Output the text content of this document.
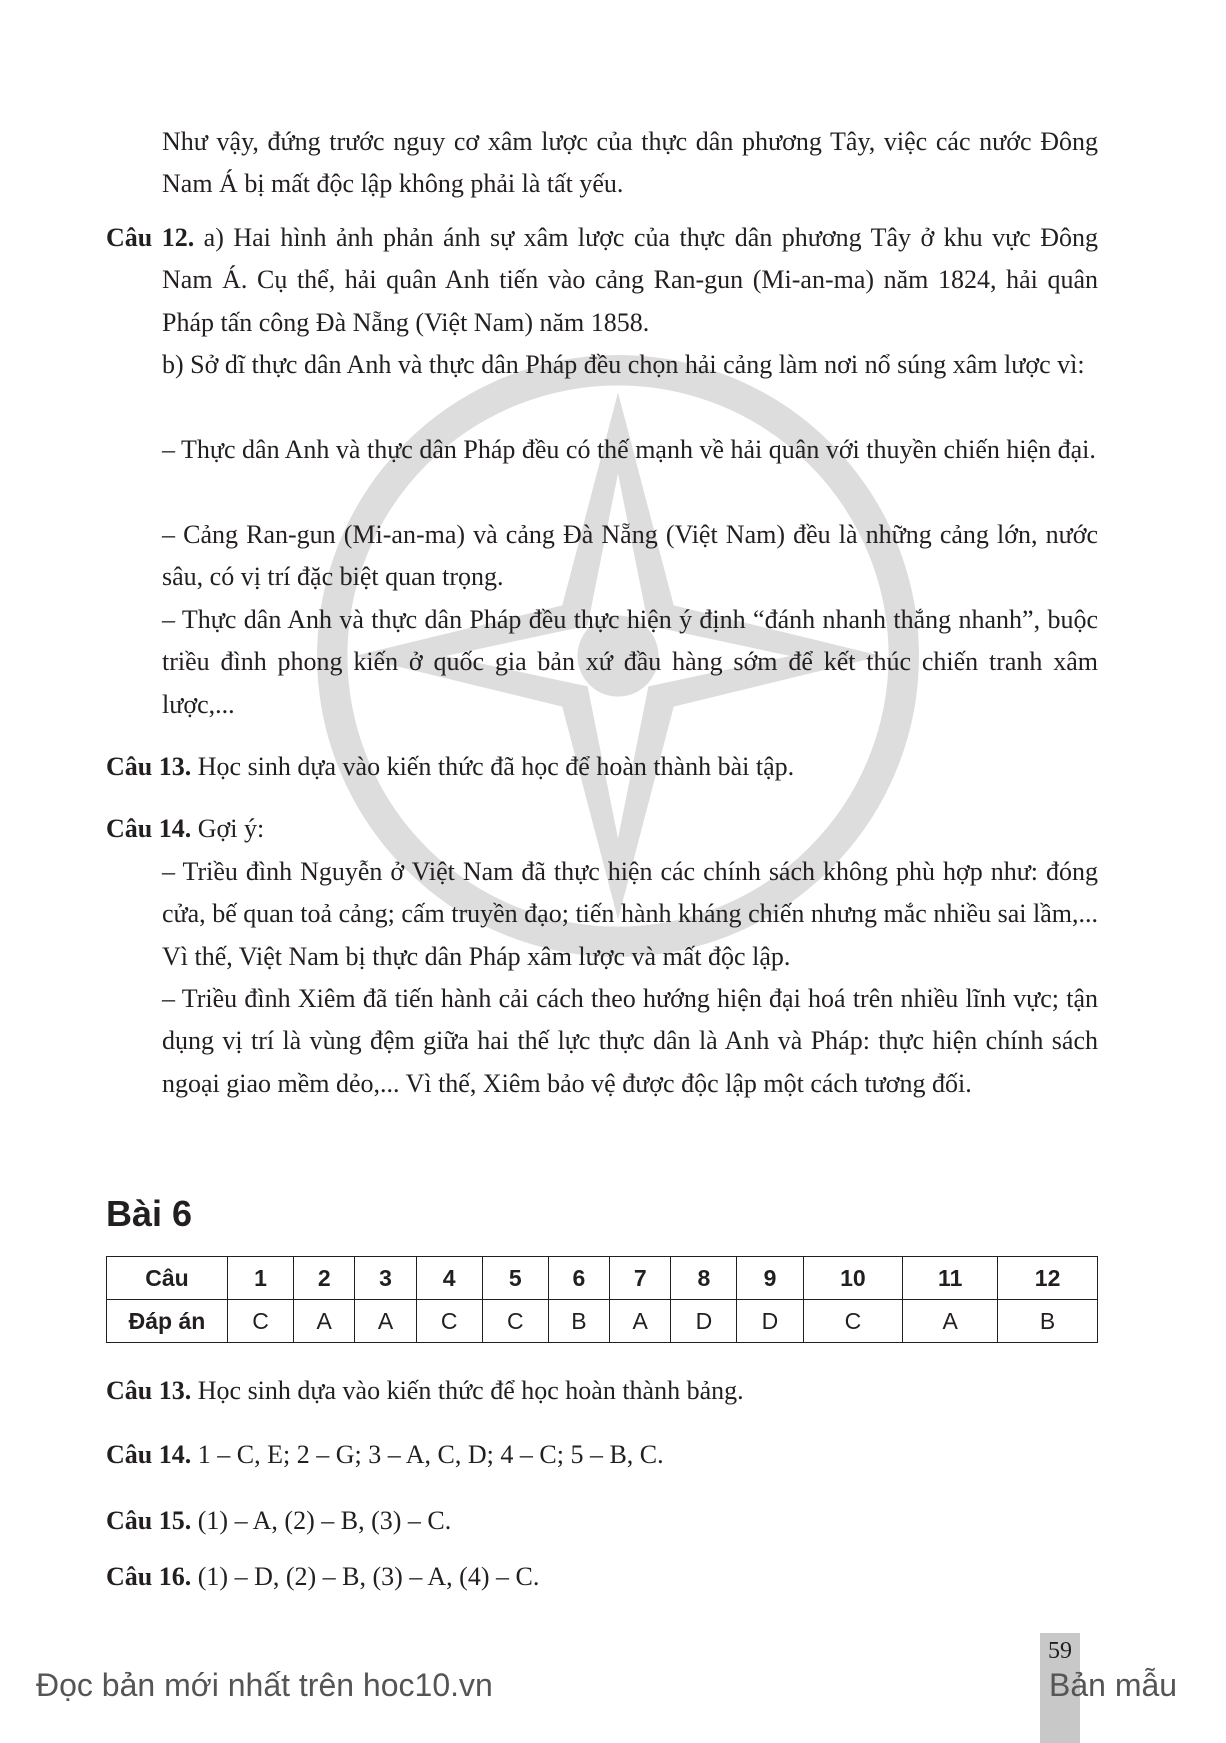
Như vậy, đứng trước nguy cơ xâm lược của thực dân phương Tây, việc các nước Đông Nam Á bị mất độc lập không phải là tất yếu.

Câu 12. a) Hai hình ảnh phản ánh sự xâm lược của thực dân phương Tây ở khu vực Đông Nam Á. Cụ thể, hải quân Anh tiến vào cảng Ran-gun (Mi-an-ma) năm 1824, hải quân Pháp tấn công Đà Nẵng (Việt Nam) năm 1858.

b) Sở dĩ thực dân Anh và thực dân Pháp đều chọn hải cảng làm nơi nổ súng xâm lược vì:

– Thực dân Anh và thực dân Pháp đều có thế mạnh về hải quân với thuyền chiến hiện đại.

– Cảng Ran-gun (Mi-an-ma) và cảng Đà Nẵng (Việt Nam) đều là những cảng lớn, nước sâu, có vị trí đặc biệt quan trọng.

– Thực dân Anh và thực dân Pháp đều thực hiện ý định “đánh nhanh thắng nhanh”, buộc triều đình phong kiến ở quốc gia bản xứ đầu hàng sớm để kết thúc chiến tranh xâm lược,...

Câu 13. Học sinh dựa vào kiến thức đã học để hoàn thành bài tập.

Câu 14. Gợi ý:

– Triều đình Nguyễn ở Việt Nam đã thực hiện các chính sách không phù hợp như: đóng cửa, bế quan toả cảng; cấm truyền đạo; tiến hành kháng chiến nhưng mắc nhiều sai lầm,... Vì thế, Việt Nam bị thực dân Pháp xâm lược và mất độc lập.

– Triều đình Xiêm đã tiến hành cải cách theo hướng hiện đại hoá trên nhiều lĩnh vực; tận dụng vị trí là vùng đệm giữa hai thế lực thực dân là Anh và Pháp: thực hiện chính sách ngoại giao mềm dẻo,... Vì thế, Xiêm bảo vệ được độc lập một cách tương đối.

Bài 6
Câu	1	2	3	4	5	6	7	8	9	10	11	12
Đáp án	C	A	A	C	C	B	A	D	D	C	A	B

Câu 13. Học sinh dựa vào kiến thức để học hoàn thành bảng.

Câu 14. 1 – C, E; 2 – G; 3 – A, C, D; 4 – C; 5 – B, C.

Câu 15. (1) – A, (2) – B, (3) – C.

Câu 16. (1) – D, (2) – B, (3) – A, (4) – C.

Đọc bản mới nhất trên hoc10.vn
59
Bản mẫu
